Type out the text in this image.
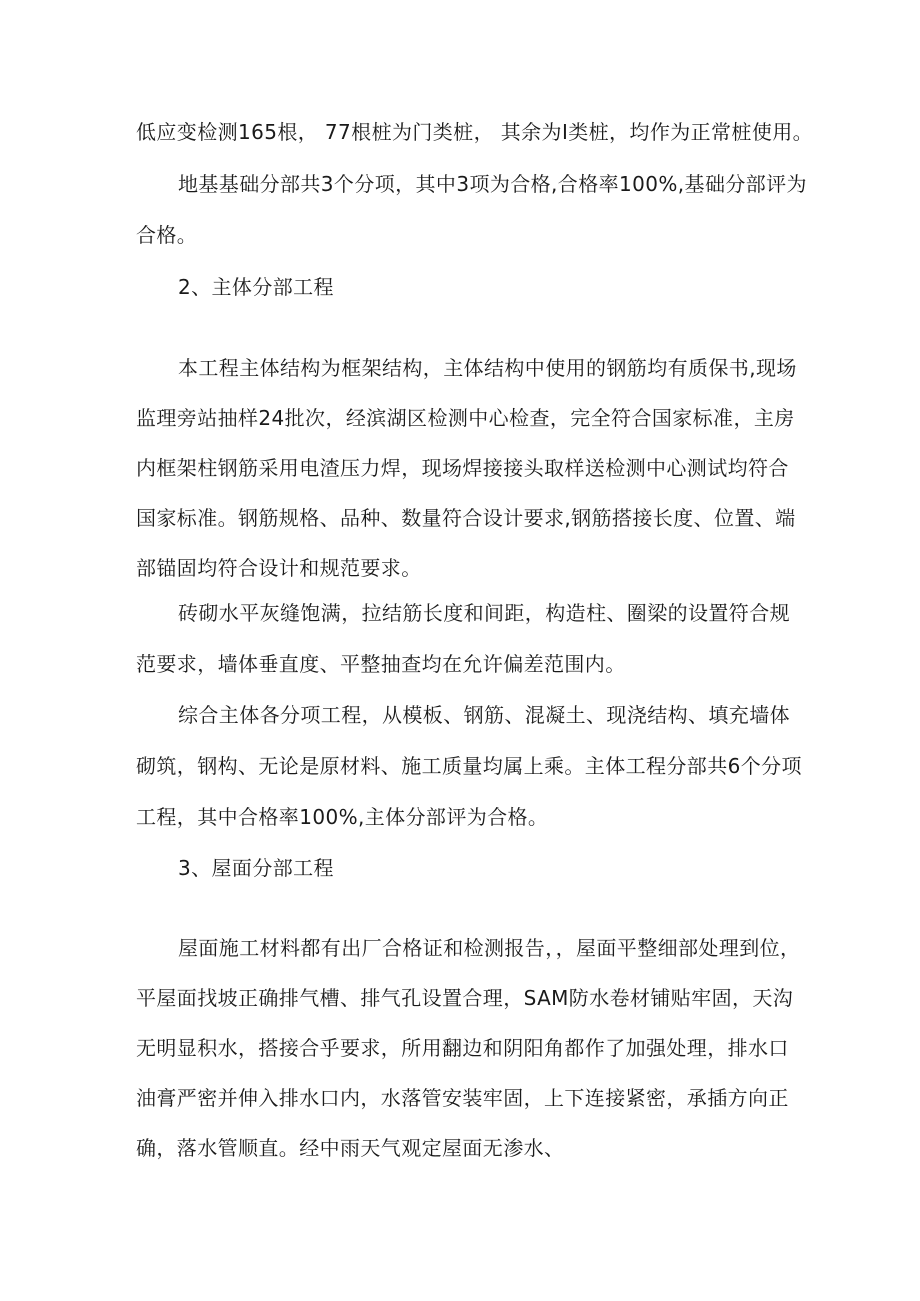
低应变检测165根， 77根桩为门类桩， 其余为I类桩，均作为正常桩使用。
地基基础分部共3个分项，其中3项为合格,合格率100%,基础分部评为
合格。
2、主体分部工程
本工程主体结构为框架结构，主体结构中使用的钢筋均有质保书,现场
监理旁站抽样24批次，经滨湖区检测中心检查，完全符合国家标准，主房
内框架柱钢筋采用电渣压力焊，现场焊接接头取样送检测中心测试均符合
国家标准。钢筋规格、品种、数量符合设计要求,钢筋搭接长度、位置、端
部锚固均符合设计和规范要求。
砖砌水平灰缝饱满，拉结筋长度和间距，构造柱、圈梁的设置符合规
范要求，墙体垂直度、平整抽查均在允许偏差范围内。
综合主体各分项工程，从模板、钢筋、混凝土、现浇结构、填充墙体
砌筑，钢构、无论是原材料、施工质量均属上乘。主体工程分部共6个分项
工程，其中合格率100%,主体分部评为合格。
3、屋面分部工程
屋面施工材料都有出厂合格证和检测报告，，屋面平整细部处理到位，
平屋面找坡正确排气槽、排气孔设置合理，SAM防水卷材铺贴牢固，天沟
无明显积水，搭接合乎要求，所用翻边和阴阳角都作了加强处理，排水口
油膏严密并伸入排水口内，水落管安装牢固，上下连接紧密，承插方向正
确，落水管顺直。经中雨天气观定屋面无渗水、
